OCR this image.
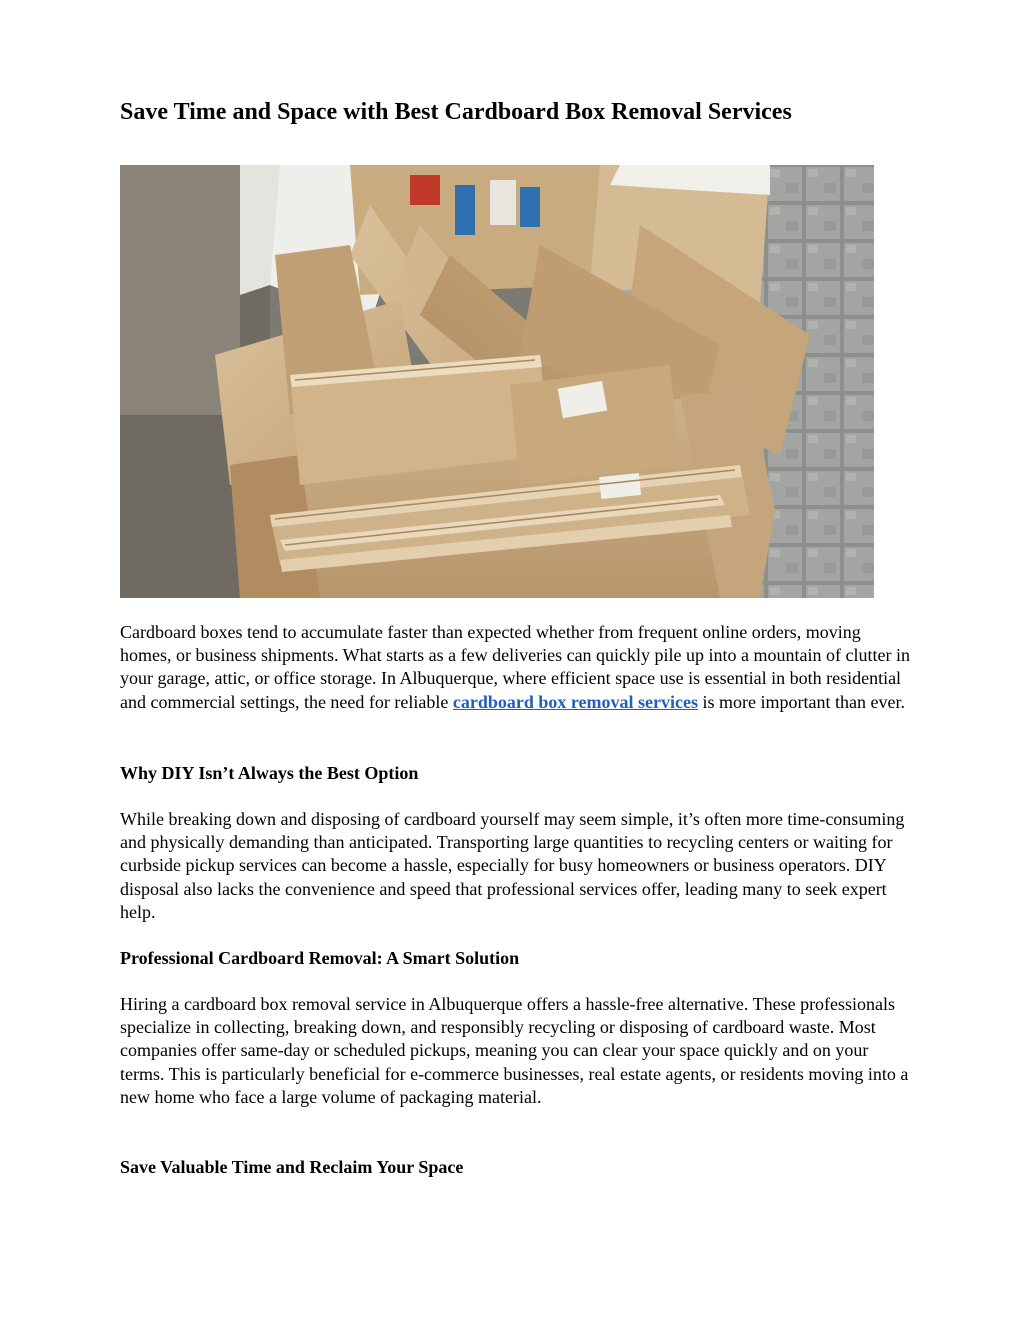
Save Time and Space with Best Cardboard Box Removal Services

Cardboard boxes tend to accumulate faster than expected whether from frequent online orders, moving homes, or business shipments. What starts as a few deliveries can quickly pile up into a mountain of clutter in your garage, attic, or office storage. In Albuquerque, where efficient space use is essential in both residential and commercial settings, the need for reliable cardboard box removal services is more important than ever.

Why DIY Isn’t Always the Best Option

While breaking down and disposing of cardboard yourself may seem simple, it’s often more time-consuming and physically demanding than anticipated. Transporting large quantities to recycling centers or waiting for curbside pickup services can become a hassle, especially for busy homeowners or business operators. DIY disposal also lacks the convenience and speed that professional services offer, leading many to seek expert help.

Professional Cardboard Removal: A Smart Solution

Hiring a cardboard box removal service in Albuquerque offers a hassle-free alternative. These professionals specialize in collecting, breaking down, and responsibly recycling or disposing of cardboard waste. Most companies offer same-day or scheduled pickups, meaning you can clear your space quickly and on your terms. This is particularly beneficial for e-commerce businesses, real estate agents, or residents moving into a new home who face a large volume of packaging material.

Save Valuable Time and Reclaim Your Space
